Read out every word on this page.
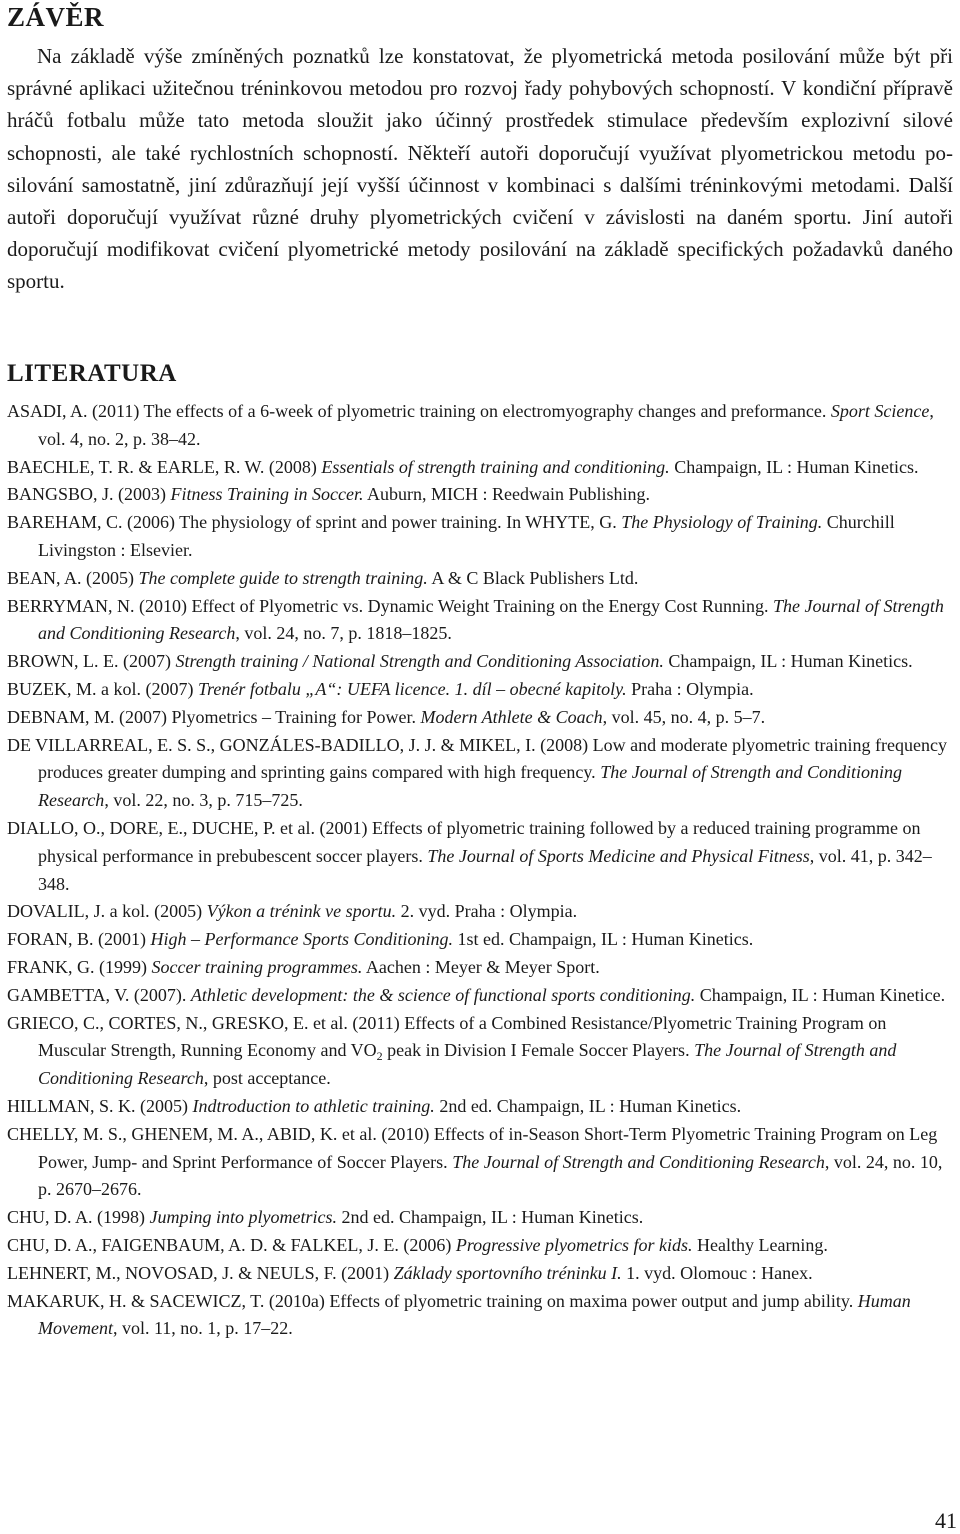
ZÁVĚR

Na základě výše zmíněných poznatků lze konstatovat, že plyometrická metoda posilování může být při správné aplikaci užitečnou tréninkovou metodou pro rozvoj řady pohybových schopností. V kondiční přípravě hráčů fotbalu může tato metoda sloužit jako účinný prostředek stimulace především explozivní silové schopnosti, ale také rychlostních schopností. Někteří autoři doporučují využívat plyometrickou metodu posilování samostatně, jiní zdůrazňují její vyšší účinnost v kombinaci s dalšími tréninkovými metodami. Další autoři doporučují využívat různé druhy plyometrických cvičení v závislosti na daném sportu. Jiní autoři doporučují modifikovat cvičení plyometrické metody posilování na základě specifických požadavků daného sportu.

LITERATURA
ASADI, A. (2011) The effects of a 6-week of plyometric training on electromyography changes and preformance. Sport Science, vol. 4, no. 2, p. 38–42.
BAECHLE, T. R. & EARLE, R. W. (2008) Essentials of strength training and conditioning. Champaign, IL : Human Kinetics.
BANGSBO, J. (2003) Fitness Training in Soccer. Auburn, MICH : Reedwain Publishing.
BAREHAM, C. (2006) The physiology of sprint and power training. In WHYTE, G. The Physiology of Training. Churchill Livingston : Elsevier.
BEAN, A. (2005) The complete guide to strength training. A & C Black Publishers Ltd.
BERRYMAN, N. (2010) Effect of Plyometric vs. Dynamic Weight Training on the Energy Cost Running. The Journal of Strength and Conditioning Research, vol. 24, no. 7, p. 1818–1825.
BROWN, L. E. (2007) Strength training / National Strength and Conditioning Association. Champaign, IL : Human Kinetics.
BUZEK, M. a kol. (2007) Trenér fotbalu „A“: UEFA licence. 1. díl – obecné kapitoly. Praha : Olympia.
DEBNAM, M. (2007) Plyometrics – Training for Power. Modern Athlete & Coach, vol. 45, no. 4, p. 5–7.
DE VILLARREAL, E. S. S., GONZÁLES-BADILLO, J. J. & MIKEL, I. (2008) Low and moderate plyometric training frequency produces greater dumping and sprinting gains compared with high frequency. The Journal of Strength and Conditioning Research, vol. 22, no. 3, p. 715–725.
DIALLO, O., DORE, E., DUCHE, P. et al. (2001) Effects of plyometric training followed by a reduced training programme on physical performance in prebubescent soccer players. The Journal of Sports Medicine and Physical Fitness, vol. 41, p. 342–348.
DOVALIL, J. a kol. (2005) Výkon a trénink ve sportu. 2. vyd. Praha : Olympia.
FORAN, B. (2001) High – Performance Sports Conditioning. 1st ed. Champaign, IL : Human Kinetics.
FRANK, G. (1999) Soccer training programmes. Aachen : Meyer & Meyer Sport.
GAMBETTA, V. (2007). Athletic development: the & science of functional sports conditioning. Champaign, IL : Human Kinetice.
GRIECO, C., CORTES, N., GRESKO, E. et al. (2011) Effects of a Combined Resistance/Plyometric Training Program on Muscular Strength, Running Economy and $VO_2$ peak in Division I Female Soccer Players. The Journal of Strength and Conditioning Research, post acceptance.
HILLMAN, S. K. (2005) Indtroduction to athletic training. 2nd ed. Champaign, IL : Human Kinetics.
CHELLY, M. S., GHENEM, M. A., ABID, K. et al. (2010) Effects of in-Season Short-Term Plyometric Training Program on Leg Power, Jump- and Sprint Performance of Soccer Players. The Journal of Strength and Conditioning Research, vol. 24, no. 10, p. 2670–2676.
CHU, D. A. (1998) Jumping into plyometrics. 2nd ed. Champaign, IL : Human Kinetics.
CHU, D. A., FAIGENBAUM, A. D. & FALKEL, J. E. (2006) Progressive plyometrics for kids. Healthy Learning.
LEHNERT, M., NOVOSAD, J. & NEULS, F. (2001) Základy sportovního tréninku I. 1. vyd. Olomouc : Hanex.
MAKARUK, H. & SACEWICZ, T. (2010a) Effects of plyometric training on maxima power output and jump ability. Human Movement, vol. 11, no. 1, p. 17–22.
41
